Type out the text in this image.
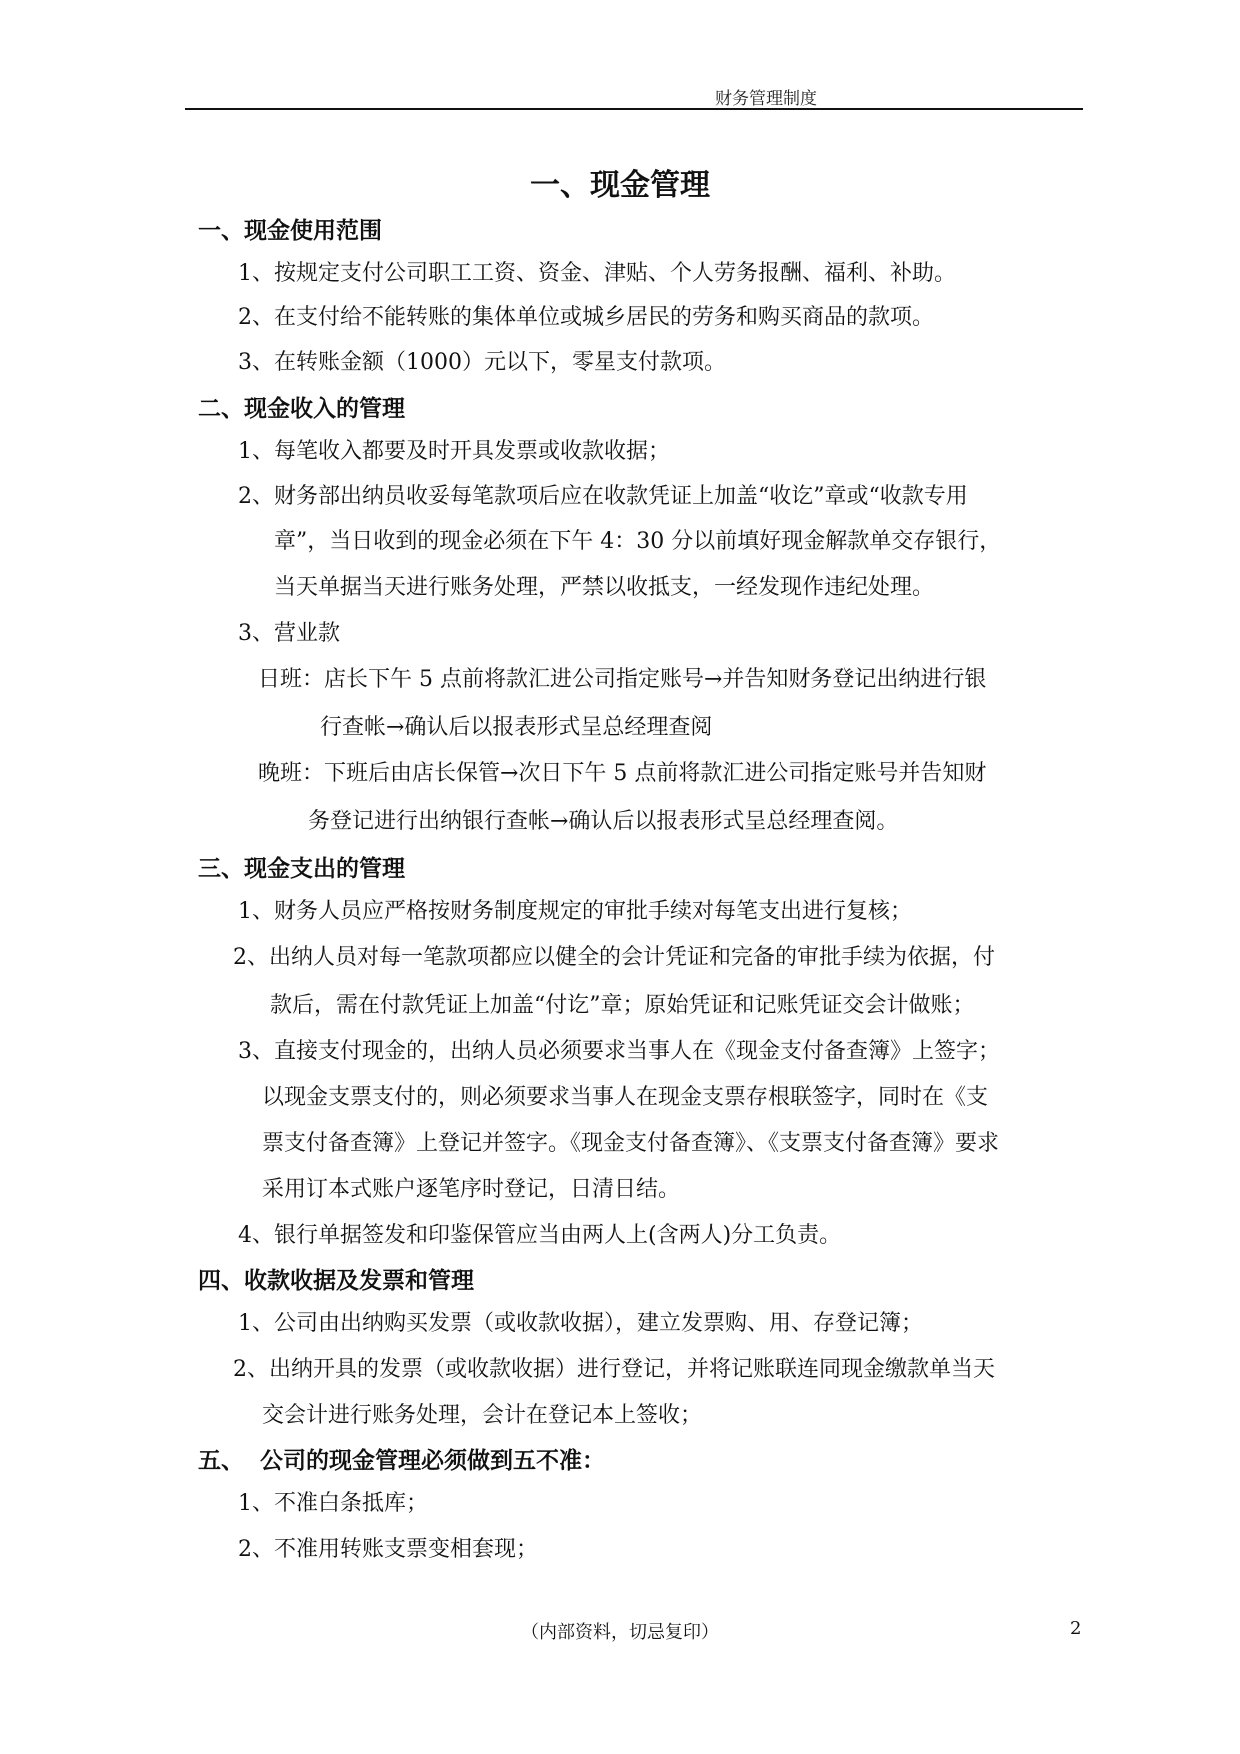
财务管理制度
一、现金管理
一、现金使用范围
1、按规定支付公司职工工资、资金、津贴、个人劳务报酬、福利、补助。
2、在支付给不能转账的集体单位或城乡居民的劳务和购买商品的款项。
3、在转账金额（1000）元以下，零星支付款项。
二、现金收入的管理
1、每笔收入都要及时开具发票或收款收据；
2、财务部出纳员收妥每笔款项后应在收款凭证上加盖“收讫”章或“收款专用
章”，当日收到的现金必须在下午 4：30 分以前填好现金解款单交存银行，
当天单据当天进行账务处理，严禁以收抵支，一经发现作违纪处理。
3、营业款
日班：店长下午 5 点前将款汇进公司指定账号→并告知财务登记出纳进行银
行查帐→确认后以报表形式呈总经理查阅
晚班：下班后由店长保管→次日下午 5 点前将款汇进公司指定账号并告知财
务登记进行出纳银行查帐→确认后以报表形式呈总经理查阅。
三、现金支出的管理
1、财务人员应严格按财务制度规定的审批手续对每笔支出进行复核；
2、出纳人员对每一笔款项都应以健全的会计凭证和完备的审批手续为依据，付
款后，需在付款凭证上加盖“付讫”章；原始凭证和记账凭证交会计做账；
3、直接支付现金的，出纳人员必须要求当事人在《现金支付备查簿》上签字；
以现金支票支付的，则必须要求当事人在现金支票存根联签字，同时在《支
票支付备查簿》上登记并签字。《现金支付备查簿》、《支票支付备查簿》要求
采用订本式账户逐笔序时登记，日清日结。
4、银行单据签发和印鉴保管应当由两人上(含两人)分工负责。
四、收款收据及发票和管理
1、公司由出纳购买发票（或收款收据），建立发票购、用、存登记簿；
2、出纳开具的发票（或收款收据）进行登记，并将记账联连同现金缴款单当天
交会计进行账务处理，会计在登记本上签收；
五、  公司的现金管理必须做到五不准：
1、不准白条抵库；
2、不准用转账支票变相套现；
（内部资料，切忌复印）	2
